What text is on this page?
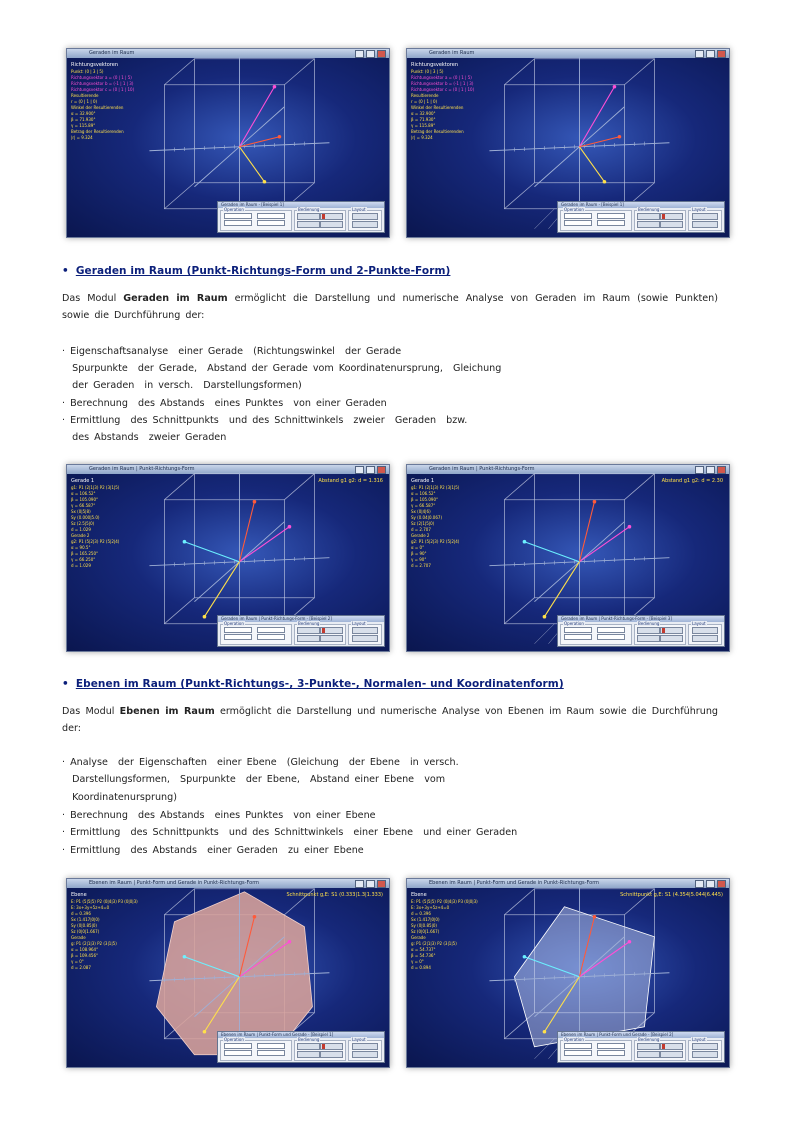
Geraden im Raum
Richtungsvektoren
Punkt: (0 | 3 | 5)
Richtungsvektor a = (0 | 1 | 5)
Richtungsvektor b = (-1 | 1 | 3)
Richtungsvektor c = (0 | 1 | 10)
Resultierende
r = (0 | 1 | 0)
Winkel der Resultierenden
α = 32.900°
β = 71.930°
γ = 115.89°
Betrag der Resultierenden
|r| = 9.324
Geraden im Raum - [Beispiel 1]
Operation	Bedienung	Layout
Geraden im Raum
Richtungsvektoren
Punkt: (0 | 3 | 5)
Richtungsvektor a = (0 | 1 | 5)
Richtungsvektor b = (-1 | 1 | 3)
Richtungsvektor c = (0 | 1 | 10)
Resultierende
r = (0 | 1 | 0)
Winkel der Resultierenden
α = 32.900°
β = 71.930°
γ = 115.89°
Betrag der Resultierenden
|r| = 9.324
Geraden im Raum - [Beispiel 1]
Operation	Bedienung	Layout
• Geraden im Raum (Punkt-Richtungs-Form und 2-Punkte-Form)
Das Modul Geraden im Raum ermöglicht die Darstellung und numerische Analyse von Geraden im Raum (sowie Punkten) sowie die Durchführung der:
· Eigenschaftsanalyse  einer Gerade  (Richtungswinkel  der Gerade
Spurpunkte  der Gerade,  Abstand der Gerade vom Koordinatenursprung,  Gleichung
der Geraden  in versch.  Darstellungsformen)
· Berechnung  des Abstands  eines Punktes  von einer Geraden
· Ermittlung  des Schnittpunkts  und des Schnittwinkels  zweier  Geraden  bzw.
des Abstands  zweier Geraden
Geraden im Raum | Punkt-Richtungs-Form
Gerade 1
g1: P1 (2|1|3) P2 (3|1|5)
α = 106.52°
β = 105.090°
γ = 66.587°
Sx (0|5|8)
Sy (0.000|5.0)
Sz (2.5|5|0)
d = 1.029
Gerade 2
g2: P1 (5|2|3) P2 (5|2|4)
α = 90.5°
β = 165.250°
γ = 66.250°
d = 1.029
Abstand g1 g2: d = 1.316
Geraden im Raum | Punkt-Richtungs-Form - [Beispiel 2]
Operation	Bedienung	Layout
Geraden im Raum | Punkt-Richtungs-Form
Gerade 1
g1: P1 (2|1|3) P2 (3|1|5)
α = 106.52°
β = 105.090°
γ = 66.587°
Sx (0|4|6)
Sy (0.04|0.067)
Sz (2|1|5|0)
d = 2.707
Gerade 2
g2: P1 (5|2|3) P2 (5|2|4)
α = 0°
β = 90°
γ = 90°
d = 2.707
Abstand g1 g2: d = 2.30
Geraden im Raum | Punkt-Richtungs-Form - [Beispiel 3]
Operation	Bedienung	Layout
• Ebenen im Raum (Punkt-Richtungs-, 3-Punkte-, Normalen- und Koordinatenform)
Das Modul Ebenen im Raum ermöglicht die Darstellung und numerische Analyse von Ebenen im Raum sowie die Durchführung der:
· Analyse  der Eigenschaften  einer Ebene  (Gleichung  der Ebene  in versch.
Darstellungsformen,  Spurpunkte  der Ebene,  Abstand einer Ebene  vom
Koordinatenursprung)
· Berechnung  des Abstands  eines Punktes  von einer Ebene
· Ermittlung  des Schnittpunkts  und des Schnittwinkels  einer Ebene  und einer Geraden
· Ermittlung  des Abstands  einer Geraden  zu einer Ebene
Ebenen im Raum | Punkt-Form und Gerade in Punkt-Richtungs-Form
Ebene
E: P1 (5|5|5) P2 (0|4|3) P3 (0|0|3)
E: 3x+3y+5z+4=0
d = 0.396
Sx (1.417|0|0)
Sy (0|0.85|0)
Sz (0|0|1.667)
Gerade
g: P1 (2|1|3) P2 (3|1|5)
α = 108.964°
β = 109.456°
γ = 0°
d = 2.087
Schnittpunkt g,E: S1 (0.333|1.3|1.333)
Ebenen im Raum | Punkt-Form und Gerade - [Beispiel 1]
Operation	Bedienung	Layout
Ebenen im Raum | Punkt-Form und Gerade in Punkt-Richtungs-Form
Ebene
E: P1 (5|5|5) P2 (0|4|3) P3 (0|0|3)
E: 3x+3y+5z+4=0
d = 0.396
Sx (1.417|0|0)
Sy (0|0.85|0)
Sz (0|0|1.667)
Gerade
g: P1 (2|1|3) P2 (3|1|5)
α = 54.737°
β = 54.736°
γ = 0°
d = 0.894
Schnittpunkt g,E: S1 (4.354|5.044|6.445)
Ebenen im Raum | Punkt-Form und Gerade - [Beispiel 2]
Operation	Bedienung	Layout
